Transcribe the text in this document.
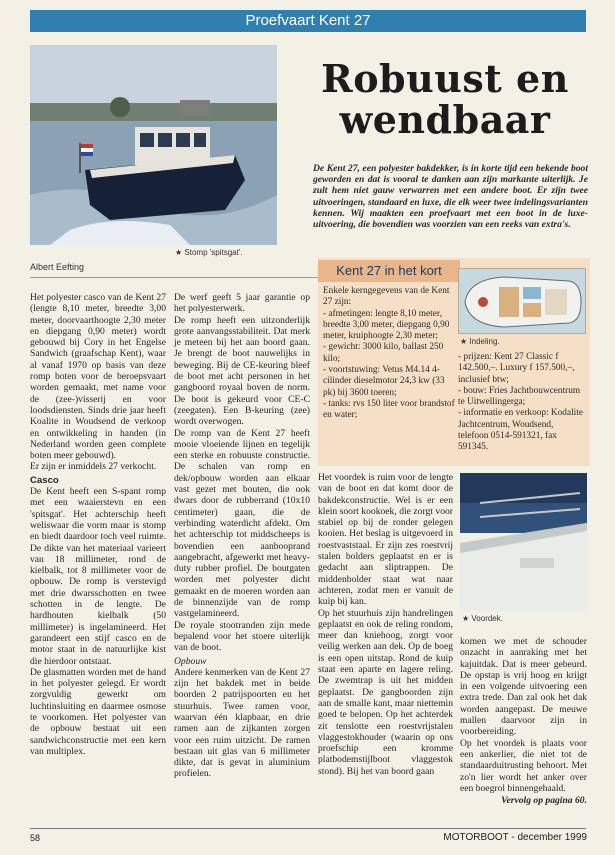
Proefvaart Kent 27
★ Stomp 'spitsgat'.
Albert Eefting
Robuust en
wendbaar
De Kent 27, een polyester bakdekker, is in korte tijd een bekende boot geworden en dat is vooral te danken aan zijn markante uiterlijk. Je zult hem niet gauw verwarren met een andere boot. Er zijn twee uitvoeringen, standaard en luxe, die elk weer twee indelingsvarianten kennen. Wij maakten een proefvaart met een boot in de luxe-uitvoering, die bovendien was voorzien van een reeks van extra's.
Kent 27 in het kort
Enkele kerngegevens van de Kent 27 zijn:
- afmetingen: lengte 8,10 meter, breedte 3,00 meter, diepgang 0,90 meter, kruiphoogte 2,30 meter;
- gewicht: 3000 kilo, ballast 250 kilo;
- voortstuwing: Vetus M4.14 4-cilinder dieselmotor 24,3 kw (33 pk) bij 3600 toeren;
- tanks: rvs 150 liter voor brandstof en water;
★ Indeling.
- prijzen: Kent 27 Classic f 142.500,–. Luxury f 157.500,–, inclusief btw;
- bouw: Fries Jachtbouwcentrum te Uitwellingerga;
- informatie en verkoop: Kodalite Jachtcentrum, Woudsend, telefoon 0514-591321, fax 591345.

Het polyester casco van de Kent 27 (lengte 8,10 meter, breedte 3,00 meter, doorvaarthoogte 2,30 meter en diepgang 0,90 meter) wordt gebouwd bij Cory in het Engelse Sandwich (graafschap Kent), waar al vanaf 1970 op basis van deze romp boten voor de beroepsvaart worden gemaakt, met name voor de (zee-)visserij en voor loodsdiensten. Sinds drie jaar heeft Koalite in Woudsend de verkoop en ontwikkeling in handen (in Nederland worden geen complete boten meer gebouwd).

Er zijn er inmiddels 27 verkocht.

Casco

De Kent heeft een S-spant romp met een waaierstevn en een 'spitsgat'. Het achterschip heeft weliswaar die vorm maar is stomp en biedt daardoor toch veel ruimte. De dikte van het materiaal varieert van 18 millimeter, rond de kielbalk, tot 8 millimeter voor de opbouw. De romp is verstevigd met drie dwarsschotten en twee schotten in de lengte. De hardhouten kielbalk (50 millimeter) is ingelamineerd. Het garandeert een stijf casco en de motor staat in de natuurlijke kist die hierdoor ontstaat.

De glasmatten worden met de hand in het polyester gelegd. Er wordt zorgvuldig gewerkt om luchtinsluiting en daarmee osmose te voorkomen. Het polyester van de opbouw bestaat uit een sandwichconstructie met een kern van multiplex.

De werf geeft 5 jaar garantie op het polyesterwerk.

De romp heeft een uitzonderlijk grote aanvangsstabiliteit. Dat merk je meteen bij het aan boord gaan. Je brengt de boot nauwelijks in beweging. Bij de CE-keuring bleef de boot met acht personen in het gangboord royaal boven de norm. De boot is gekeurd voor CE-C (zeegaten). Een B-keuring (zee) wordt overwogen.

De romp van de Kent 27 heeft mooie vloeiende lijnen en tegelijk een sterke en robuuste constructie. De schalen van romp en dek/opbouw worden aan elkaar vast gezet met bouten, die ook dwars door de rubberrand (10x10 centimeter) gaan, die de verbinding waterdicht afdekt. Om het achterschip tot middscheeps is bovendien een aanbooprand aangebracht, afgewerkt met heavy-duty rubber profiel. De boutgaten worden met polyester dicht gemaakt en de moeren worden aan de binnenzijde van de romp vastgelamineerd.

De royale stootranden zijn mede bepalend voor het stoere uiterlijk van de boot.

Opbouw

Andere kenmerken van de Kent 27 zijn het bakdek met in beide boorden 2 patrijspoorten en het stuurhuis. Twee ramen voor, waarvan één klapbaar, en drie ramen aan de zijkanten zorgen voor een ruim uitzicht. De ramen bestaan uit glas van 6 millimeter dikte, dat is gevat in aluminium profielen.

Het voordek is ruim voor de lengte van de boot en dat komt door de bakdekconstructie. Wel is er een klein soort kookoek, die zorgt voor stabiel op bij de ronder gelegen kooien. Het beslag is uitgevoerd in roestvaststaal. Er zijn zes roestvrij stalen bolders geplaatst en er is gedacht aan sliptrappen. De middenbolder staat wat naar achteren, zodat men er vanuit de kuip bij kan.

Op het stuurhuis zijn handrelingen geplaatst en ook de reling rondom, meer dan kniehoog, zorgt voor veilig werken aan dek. Op de boeg is een open uitstap. Rond de kuip staat een aparte en lagere reling. De zwemtrap is uit het midden geplaatst. De gangboorden zijn aan de smalle kant, maar niettemin goed te belopen. Op het achterdek zit tenslotte een roestvrijstalen vlaggestokhouder (waarin op ons proefschip een kromme platbodemstijlboot vlaggestok stond). Bij het van boord gaan

★ Voordek.

komen we met de schouder onzacht in aanraking met het kajuitdak. Dat is meer gebeurd. De opstap is vrij hoog en krijgt in een volgende uitvoering een extra trede. Dan zal ook het dak worden aangepast. De meuwe mallen daarvoor zijn in voorbereiding.

Op het voordek is plaats voor een ankerlier, die niet tot de standaarduitrusting behoort. Met zo'n lier wordt het anker over een boegrol binnengehaald.

Vervolg op pagina 60.

58	MOTORBOOT - december 1999
